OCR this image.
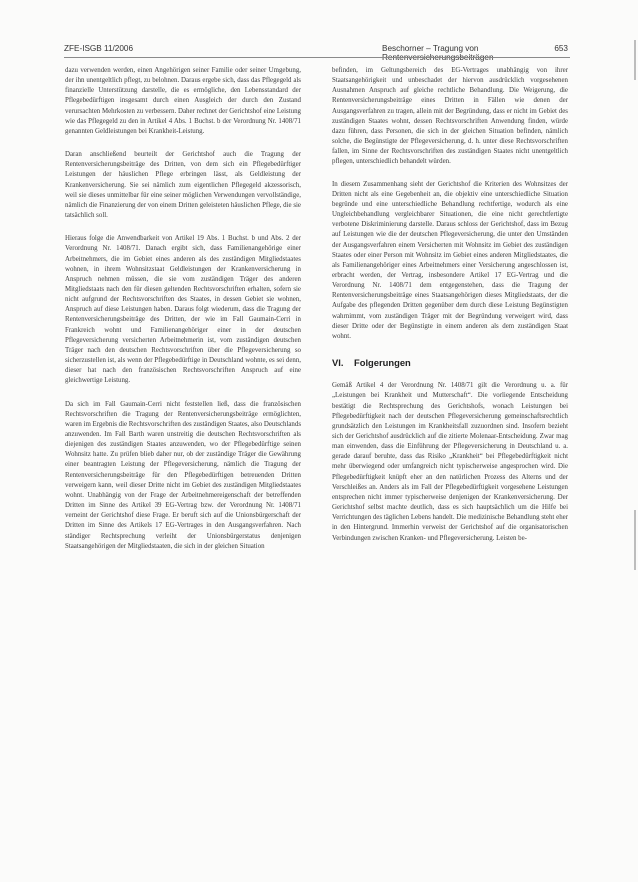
ZFE-ISGB 11/2006	Beschorner – Tragung von	653

dazu verwenden werden, einen Angehörigen seiner Familie oder seiner Umgebung, der ihn unentgeltlich pflegt, zu belohnen. Daraus ergebe sich, dass das Pflegegeld als finanzielle Unterstützung darstelle, die es ermögliche, den Lebensstandard der Pflegebedürftigen insgesamt durch einen Ausgleich der durch den Zustand verursachten Mehrkosten zu verbessern. Daher rechnet der Gerichtshof eine Leistung wie das Pflegegeld zu den in Artikel 4 Abs. 1 Buchst. b der Verordnung Nr. 1408/71 genannten Geldleistungen bei Krankheit-Leistung.

Daran anschließend beurteilt der Gerichtshof auch die Tragung der Rentenversicherungsbeiträge des Dritten, von dem sich ein Pflegebedürftiger Leistungen der häuslichen Pflege erbringen lässt, als Geldleistung der Krankenversicherung. Sie sei nämlich zum eigentlichen Pflegegeld akzessorisch, weil sie dieses unmittelbar für eine seiner möglichen Verwendungen vervollständige, nämlich die Finanzierung der von einem Dritten geleisteten häuslichen Pflege, die sie tatsächlich soll.

Hieraus folge die Anwendbarkeit von Artikel 19 Abs. 1 Buchst. b und Abs. 2 der Verordnung Nr. 1408/71. Danach ergibt sich, dass Familienangehörige einer Arbeitnehmers, die im Gebiet eines anderen als des zuständigen Mitgliedstaates wohnen, in ihrem Wohnsitzstaat Geldleistungen der Krankenversicherung in Anspruch nehmen müssen, die sie vom zuständigen Träger des anderen Mitgliedstaats nach den für diesen geltenden Rechtsvorschriften erhalten, sofern sie nicht aufgrund der Rechtsvorschriften des Staates, in dessen Gebiet sie wohnen, Anspruch auf diese Leistungen haben. Daraus folgt wiederum, dass die Tragung der Rentenversicherungsbeiträge des Dritten, der wie im Fall Gaumain-Cerri in Frankreich wohnt und Familienangehöriger einer in der deutschen Pflegeversicherung versicherten Arbeitnehmerin ist, vom zuständigen deutschen Träger nach den deutschen Rechtsvorschriften über die Pflegeversicherung so sicherzustellen ist, als wenn der Pflegebedürftige in Deutschland wohnte, es sei denn, dieser hat nach den französischen Rechtsvorschriften Anspruch auf eine gleichwertige Leistung.

Da sich im Fall Gaumain-Cerri nicht feststellen ließ, dass die französischen Rechtsvorschriften die Tragung der Rentenversicherungsbeiträge ermöglichten, waren im Ergebnis die Rechtsvorschriften des zuständigen Staates, also Deutschlands anzuwenden. Im Fall Barth waren unstreitig die deutschen Rechtsvorschriften als diejenigen des zuständigen Staates anzuwenden, wo der Pflegebedürftige seinen Wohnsitz hatte. Zu prüfen blieb daher nur, ob der zuständige Träger die Gewährung einer beantragten Leistung der Pflegeversicherung, nämlich die Tragung der Rentenversicherungsbeiträge für den Pflegebedürftigen betreuenden Dritten verweigern kann, weil dieser Dritte nicht im Gebiet des zuständigen Mitgliedstaates wohnt. Unabhängig von der Frage der Arbeitnehmereigenschaft der betreffenden Dritten im Sinne des Artikel 39 EG-Vertrag bzw. der Verordnung Nr. 1408/71 verneint der Gerichtshof diese Frage. Er beruft sich auf die Unionsbürgerschaft der Dritten im Sinne des Artikels 17 EG-Vertrages in den Ausgangsverfahren. Nach ständiger Rechtsprechung verleiht der Unionsbürgerstatus denjenigen Staatsangehörigen der Mitgliedstaaten, die sich in der gleichen Situation

befinden, im Geltungsbereich des EG-Vertrages unabhängig von ihrer Staatsangehörigkeit und unbeschadet der hiervon ausdrücklich vorgesehenen Ausnahmen Anspruch auf gleiche rechtliche Behandlung. Die Weigerung, die Rentenversicherungsbeiträge eines Dritten in Fällen wie denen der Ausgangsverfahren zu tragen, allein mit der Begründung, dass er nicht im Gebiet des zuständigen Staates wohnt, dessen Rechtsvorschriften Anwendung finden, würde dazu führen, dass Personen, die sich in der gleichen Situation befinden, nämlich solche, die Begünstigte der Pflegeversicherung, d. h. unter diese Rechtsvorschriften fallen, im Sinne der Rechtsvorschriften des zuständigen Staates nicht unentgeltlich pflegen, unterschiedlich behandelt würden.

In diesem Zusammenhang sieht der Gerichtshof die Kriterien des Wohnsitzes der Dritten nicht als eine Gegebenheit an, die objektiv eine unterschiedliche Situation begründe und eine unterschiedliche Behandlung rechtfertige, wodurch als eine Ungleichbehandlung vergleichbarer Situationen, die eine nicht gerechtfertigte verbotene Diskriminierung darstelle. Daraus schloss der Gerichtshof, dass im Bezug auf Leistungen wie die der deutschen Pflegeversicherung, die unter den Umständen der Ausgangsverfahren einem Versicherten mit Wohnsitz im Gebiet des zuständigen Staates oder einer Person mit Wohnsitz im Gebiet eines anderen Mitgliedstaates, die als Familienangehöriger eines Arbeitnehmers einer Versicherung angeschlossen ist, erbracht werden, der Vertrag, insbesondere Artikel 17 EG-Vertrag und die Verordnung Nr. 1408/71 dem entgegenstehen, dass die Tragung der Rentenversicherungsbeiträge eines Staatsangehörigen dieses Mitgliedstaats, der die Aufgabe des pflegenden Dritten gegenüber dem durch diese Leistung Begünstigten wahrnimmt, vom zuständigen Träger mit der Begründung verweigert wird, dass dieser Dritte oder der Begünstigte in einem anderen als dem zuständigen Staat wohnt.

VI. Folgerungen

Gemäß Artikel 4 der Verordnung Nr. 1408/71 gilt die Verordnung u. a. für „Leistungen bei Krankheit und Mutterschaft“. Die vorliegende Entscheidung bestätigt die Rechtsprechung des Gerichtshofs, wonach Leistungen bei Pflegebedürftigkeit nach der deutschen Pflegeversicherung gemeinschaftsrechtlich grundsätzlich den Leistungen im Krankheitsfall zuzuordnen sind. Insofern bezieht sich der Gerichtshof ausdrücklich auf die zitierte Molenaar-Entscheidung. Zwar mag man einwenden, dass die Einführung der Pflegeversicherung in Deutschland u. a. gerade darauf beruhte, dass das Risiko „Krankheit“ bei Pflegebedürftigkeit nicht mehr überwiegend oder umfangreich nicht typischerweise angesprochen wird. Die Pflegebedürftigkeit knüpft eher an den natürlichen Prozess des Alterns und der Verschleißes an. Anders als im Fall der Pflegebedürftigkeit vorgesehene Leistungen entsprechen nicht immer typischerweise denjenigen der Krankenversicherung. Der Gerichtshof selbst machte deutlich, dass es sich hauptsächlich um die Hilfe bei Verrichtungen des täglichen Lebens handelt. Die medizinische Behandlung steht eher in den Hintergrund. Immerhin verweist der Gerichtshof auf die organisatorischen Verbindungen zwischen Kranken- und Pflegeversicherung. Leisten be-
